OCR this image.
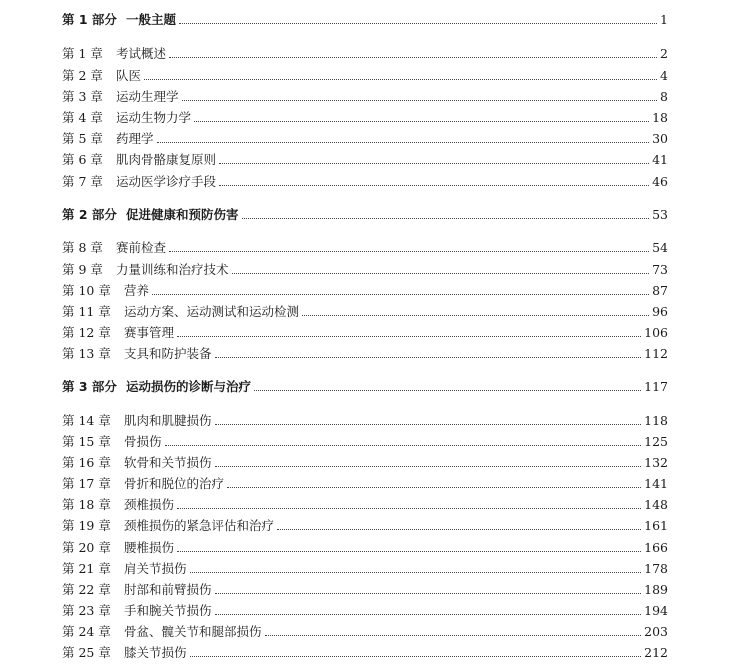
第 1 部分 一般主题	1
第 1 章	考试概述	2
第 2 章	队医	4
第 3 章	运动生理学	8
第 4 章	运动生物力学	18
第 5 章	药理学	30
第 6 章	肌肉骨骼康复原则	41
第 7 章	运动医学诊疗手段	46
第 2 部分 促进健康和预防伤害	53
第 8 章	赛前检查	54
第 9 章	力量训练和治疗技术	73
第 10 章	营养	87
第 11 章	运动方案、运动测试和运动检测	96
第 12 章	赛事管理	106
第 13 章	支具和防护装备	112
第 3 部分 运动损伤的诊断与治疗	117
第 14 章	肌肉和肌腱损伤	118
第 15 章	骨损伤	125
第 16 章	软骨和关节损伤	132
第 17 章	骨折和脱位的治疗	141
第 18 章	颈椎损伤	148
第 19 章	颈椎损伤的紧急评估和治疗	161
第 20 章	腰椎损伤	166
第 21 章	肩关节损伤	178
第 22 章	肘部和前臂损伤	189
第 23 章	手和腕关节损伤	194
第 24 章	骨盆、髋关节和腿部损伤	203
第 25 章	膝关节损伤	212
